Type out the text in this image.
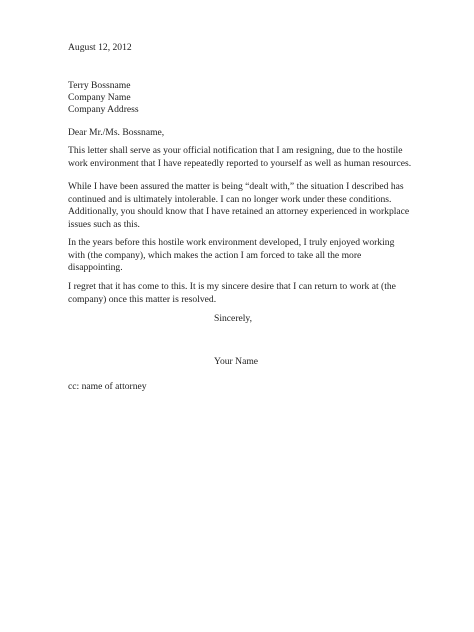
August 12, 2012
Terry Bossname
Company Name
Company Address
Dear Mr./Ms. Bossname,
This letter shall serve as your official notification that I am resigning, due to the hostile
work environment that I have repeatedly reported to yourself as well as human resources.
While I have been assured the matter is being “dealt with,” the situation I described has
continued and is ultimately intolerable. I can no longer work under these conditions.
Additionally, you should know that I have retained an attorney experienced in workplace
issues such as this.
In the years before this hostile work environment developed, I truly enjoyed working
with (the company), which makes the action I am forced to take all the more
disappointing.
I regret that it has come to this. It is my sincere desire that I can return to work at (the
company) once this matter is resolved.
Sincerely,
Your Name
cc: name of attorney
